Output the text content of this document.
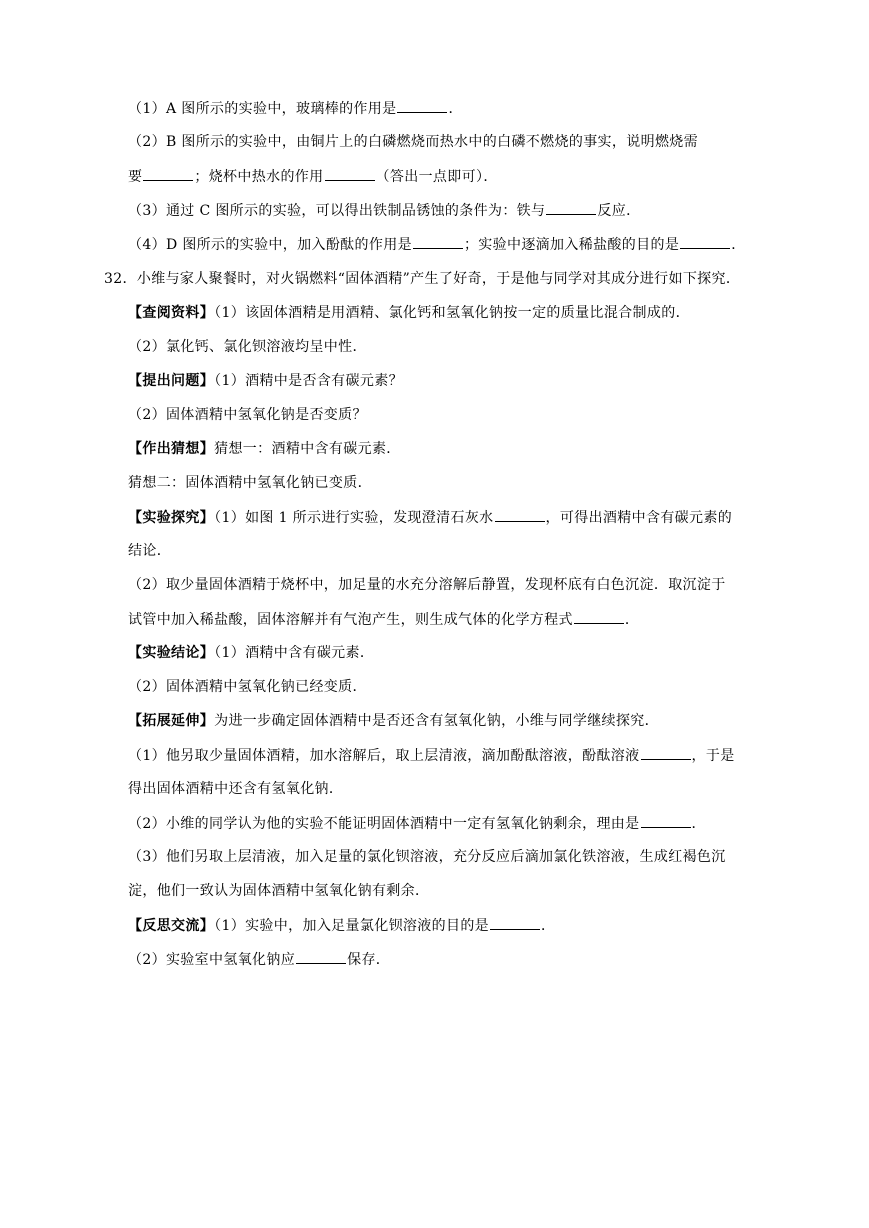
（1）A 图所示的实验中，玻璃棒的作用是	．
（2）B 图所示的实验中，由铜片上的白磷燃烧而热水中的白磷不燃烧的事实，说明燃烧需
要	；烧杯中热水的作用	（答出一点即可）．
（3）通过 C 图所示的实验，可以得出铁制品锈蚀的条件为：铁与	反应．
（4）D 图所示的实验中，加入酚酞的作用是	；实验中逐滴加入稀盐酸的目的是	．
32．小维与家人聚餐时，对火锅燃料“固体酒精”产生了好奇，于是他与同学对其成分进行如下探究．
【查阅资料】（1）该固体酒精是用酒精、氯化钙和氢氧化钠按一定的质量比混合制成的．
（2）氯化钙、氯化钡溶液均呈中性．
【提出问题】（1）酒精中是否含有碳元素？
（2）固体酒精中氢氧化钠是否变质？
【作出猜想】猜想一：酒精中含有碳元素．
猜想二：固体酒精中氢氧化钠已变质．
【实验探究】（1）如图 1 所示进行实验，发现澄清石灰水	，可得出酒精中含有碳元素的
结论．
（2）取少量固体酒精于烧杯中，加足量的水充分溶解后静置，发现杯底有白色沉淀．取沉淀于
试管中加入稀盐酸，固体溶解并有气泡产生，则生成气体的化学方程式	．
【实验结论】（1）酒精中含有碳元素．
（2）固体酒精中氢氧化钠已经变质．
【拓展延伸】为进一步确定固体酒精中是否还含有氢氧化钠，小维与同学继续探究．
（1）他另取少量固体酒精，加水溶解后，取上层清液，滴加酚酞溶液，酚酞溶液	，于是
得出固体酒精中还含有氢氧化钠．
（2）小维的同学认为他的实验不能证明固体酒精中一定有氢氧化钠剩余，理由是	．
（3）他们另取上层清液，加入足量的氯化钡溶液，充分反应后滴加氯化铁溶液，生成红褐色沉
淀，他们一致认为固体酒精中氢氧化钠有剩余．
【反思交流】（1）实验中，加入足量氯化钡溶液的目的是	．
（2）实验室中氢氧化钠应	保存．
